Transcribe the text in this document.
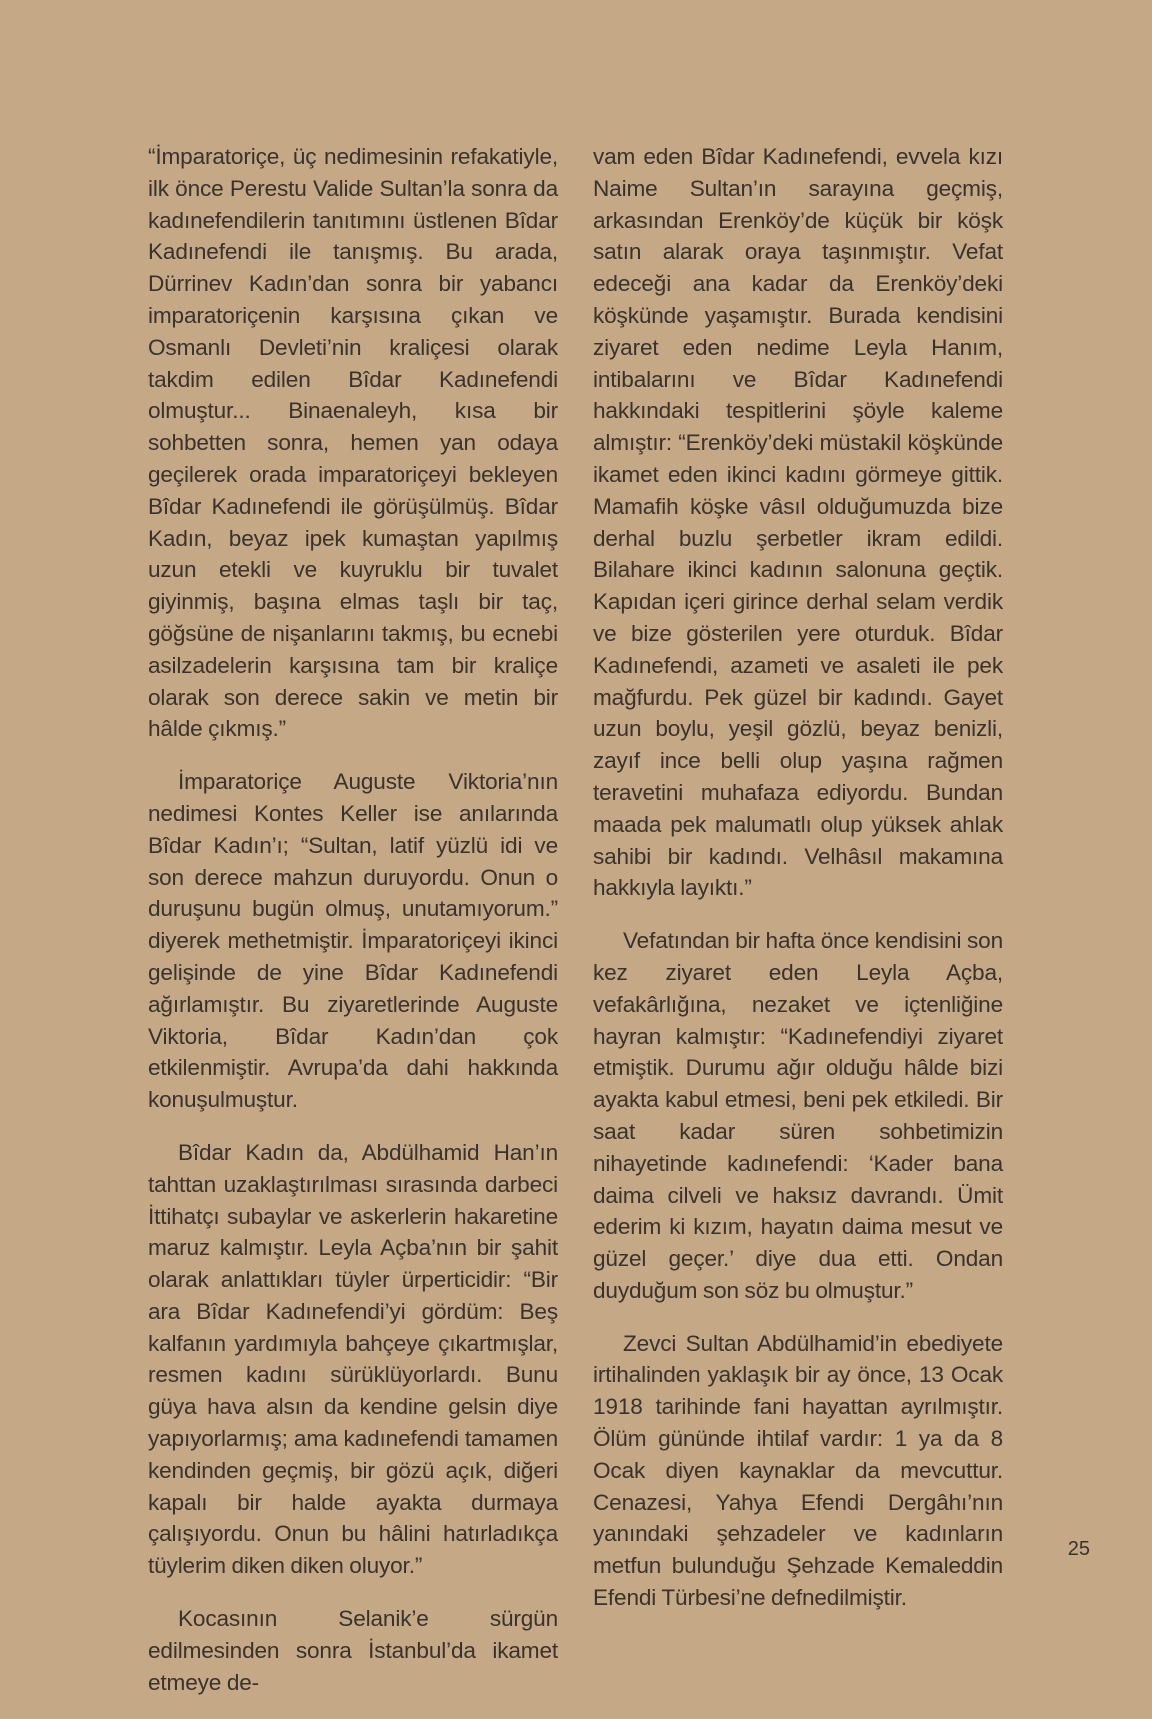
“İmparatoriçe, üç nedimesinin refakatiyle, ilk önce Perestu Valide Sultan’la sonra da kadınefendilerin tanıtımını üstlenen Bîdar Kadınefendi ile tanışmış. Bu arada, Dürrinev Kadın’dan sonra bir yabancı imparatoriçenin karşısına çıkan ve Osmanlı Devleti’nin kraliçesi olarak takdim edilen Bîdar Kadınefendi olmuştur... Binaenaleyh, kısa bir sohbetten sonra, hemen yan odaya geçilerek orada imparatoriçeyi bekleyen Bîdar Kadınefendi ile görüşülmüş. Bîdar Kadın, beyaz ipek kumaştan yapılmış uzun etekli ve kuyruklu bir tuvalet giyinmiş, başına elmas taşlı bir taç, göğsüne de nişanlarını takmış, bu ecnebi asilzadelerin karşısına tam bir kraliçe olarak son derece sakin ve metin bir hâlde çıkmış.”

İmparatoriçe Auguste Viktoria’nın nedimesi Kontes Keller ise anılarında Bîdar Kadın’ı; “Sultan, latif yüzlü idi ve son derece mahzun duruyordu. Onun o duruşunu bugün olmuş, unutamıyorum.” diyerek methetmiştir. İmparatoriçeyi ikinci gelişinde de yine Bîdar Kadınefendi ağırlamıştır. Bu ziyaretlerinde Auguste Viktoria, Bîdar Kadın’dan çok etkilenmiştir. Avrupa’da dahi hakkında konuşulmuştur.

Bîdar Kadın da, Abdülhamid Han’ın tahttan uzaklaştırılması sırasında darbeci İttihatçı subaylar ve askerlerin hakaretine maruz kalmıştır. Leyla Açba’nın bir şahit olarak anlattıkları tüyler ürperticidir: “Bir ara Bîdar Kadınefendi’yi gördüm: Beş kalfanın yardımıyla bahçeye çıkartmışlar, resmen kadını sürüklüyorlardı. Bunu güya hava alsın da kendine gelsin diye yapıyorlarmış; ama kadınefendi tamamen kendinden geçmiş, bir gözü açık, diğeri kapalı bir halde ayakta durmaya çalışıyordu. Onun bu hâlini hatırladıkça tüylerim diken diken oluyor.”

Kocasının Selanik’e sürgün edilmesinden sonra İstanbul’da ikamet etmeye de-

vam eden Bîdar Kadınefendi, evvela kızı Naime Sultan’ın sarayına geçmiş, arkasından Erenköy’de küçük bir köşk satın alarak oraya taşınmıştır. Vefat edeceği ana kadar da Erenköy’deki köşkünde yaşamıştır. Burada kendisini ziyaret eden nedime Leyla Hanım, intibalarını ve Bîdar Kadınefendi hakkındaki tespitlerini şöyle kaleme almıştır: “Erenköy’deki müstakil köşkünde ikamet eden ikinci kadını görmeye gittik. Mamafih köşke vâsıl olduğumuzda bize derhal buzlu şerbetler ikram edildi. Bilahare ikinci kadının salonuna geçtik. Kapıdan içeri girince derhal selam verdik ve bize gösterilen yere oturduk. Bîdar Kadınefendi, azameti ve asaleti ile pek mağfurdu. Pek güzel bir kadındı. Gayet uzun boylu, yeşil gözlü, beyaz benizli, zayıf ince belli olup yaşına rağmen teravetini muhafaza ediyordu. Bundan maada pek malumatlı olup yüksek ahlak sahibi bir kadındı. Velhâsıl makamına hakkıyla layıktı.”

Vefatından bir hafta önce kendisini son kez ziyaret eden Leyla Açba, vefakârlığına, nezaket ve içtenliğine hayran kalmıştır: “Kadınefendiyi ziyaret etmiştik. Durumu ağır olduğu hâlde bizi ayakta kabul etmesi, beni pek etkiledi. Bir saat kadar süren sohbetimizin nihayetinde kadınefendi: ‘Kader bana daima cilveli ve haksız davrandı. Ümit ederim ki kızım, hayatın daima mesut ve güzel geçer.’ diye dua etti. Ondan duyduğum son söz bu olmuştur.”

Zevci Sultan Abdülhamid’in ebediyete irtihalinden yaklaşık bir ay önce, 13 Ocak 1918 tarihinde fani hayattan ayrılmıştır. Ölüm gününde ihtilaf vardır: 1 ya da 8 Ocak diyen kaynaklar da mevcuttur. Cenazesi, Yahya Efendi Dergâhı’nın yanındaki şehzadeler ve kadınların metfun bulunduğu Şehzade Kemaleddin Efendi Türbesi’ne defnedilmiştir.

25
